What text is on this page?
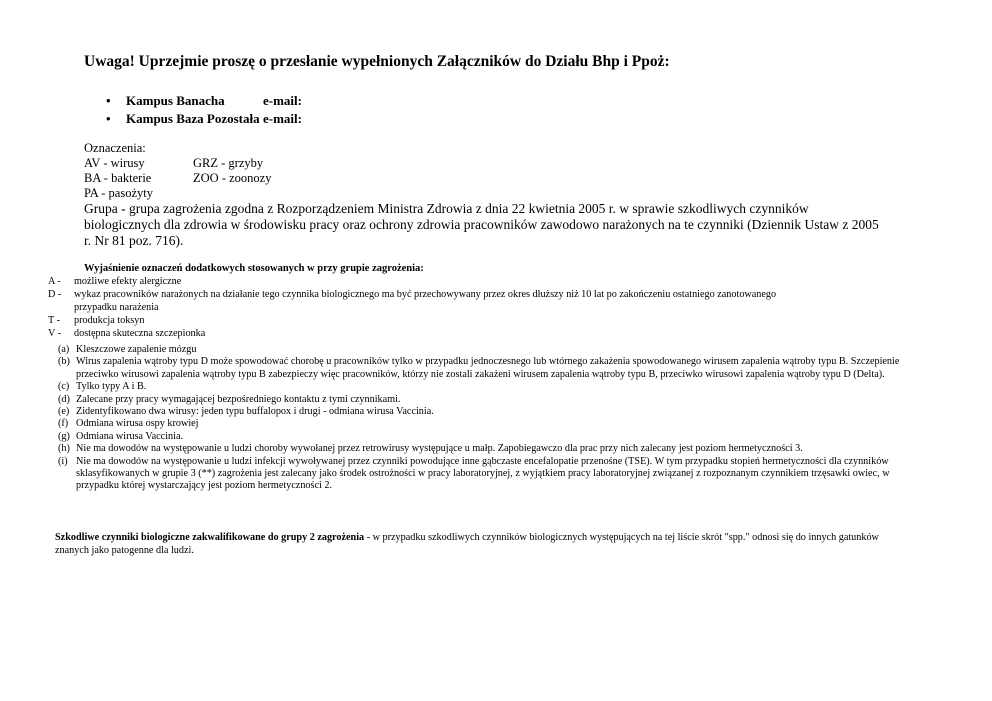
Uwaga! Uprzejmie proszę o przesłanie wypełnionych Załączników do Działu Bhp i Ppoż:
•	Kampus Banacha	e-mail:
•	Kampus Baza Pozostała e-mail:
Oznaczenia:
AV - wirusy	GRZ - grzyby
BA - bakterie	ZOO - zoonozy
PA - pasożyty
Grupa - grupa zagrożenia zgodna z Rozporządzeniem Ministra Zdrowia z dnia 22 kwietnia 2005 r. w sprawie szkodliwych czynników biologicznych dla zdrowia w środowisku pracy oraz ochrony zdrowia pracowników zawodowo narażonych na te czynniki (Dziennik Ustaw z 2005 r. Nr 81 poz. 716).
Wyjaśnienie oznaczeń dodatkowych stosowanych w przy grupie zagrożenia:
A - możliwe efekty alergiczne
D - wykaz pracowników narażonych na działanie tego czynnika biologicznego ma być przechowywany przez okres dłuższy niż 10 lat po zakończeniu ostatniego zanotowanego
przypadku narażenia
T - produkcja toksyn
V - dostępna skuteczna szczepionka
(a) Kleszczowe zapalenie mózgu
(b) Wirus zapalenia wątroby typu D może spowodować chorobę u pracowników tylko w przypadku jednoczesnego lub wtórnego zakażenia spowodowanego wirusem zapalenia wątroby typu B. Szczepienie przeciwko wirusowi zapalenia wątroby typu B zabezpieczy więc pracowników, którzy nie zostali zakażeni wirusem zapalenia wątroby typu B, przeciwko wirusowi zapalenia wątroby typu D (Delta).
(c) Tylko typy A i B.
(d) Zalecane przy pracy wymagającej bezpośredniego kontaktu z tymi czynnikami.
(e) Zidentyfikowano dwa wirusy: jeden typu buffalopox i drugi - odmiana wirusa Vaccinia.
(f) Odmiana wirusa ospy krowiej
(g) Odmiana wirusa Vaccinia.
(h) Nie ma dowodów na występowanie u ludzi choroby wywołanej przez retrowirusy występujące u małp. Zapobiegawczo dla prac przy nich zalecany jest poziom hermetyczności 3.
(i) Nie ma dowodów na występowanie u ludzi infekcji wywoływanej przez czynniki powodujące inne gąbczaste encefalopatie przenośne (TSE). W tym przypadku stopień hermetyczności dla czynników sklasyfikowanych w grupie 3 (**) zagrożenia jest zalecany jako środek ostrożności w pracy laboratoryjnej, z wyjątkiem pracy laboratoryjnej związanej z rozpoznanym czynnikiem trzęsawki owiec, w przypadku której wystarczający jest poziom hermetyczności 2.
Szkodliwe czynniki biologiczne zakwalifikowane do grupy 2 zagrożenia - w przypadku szkodliwych czynników biologicznych występujących na tej liście skrót "spp." odnosi się do innych gatunków znanych jako patogenne dla ludzi.
